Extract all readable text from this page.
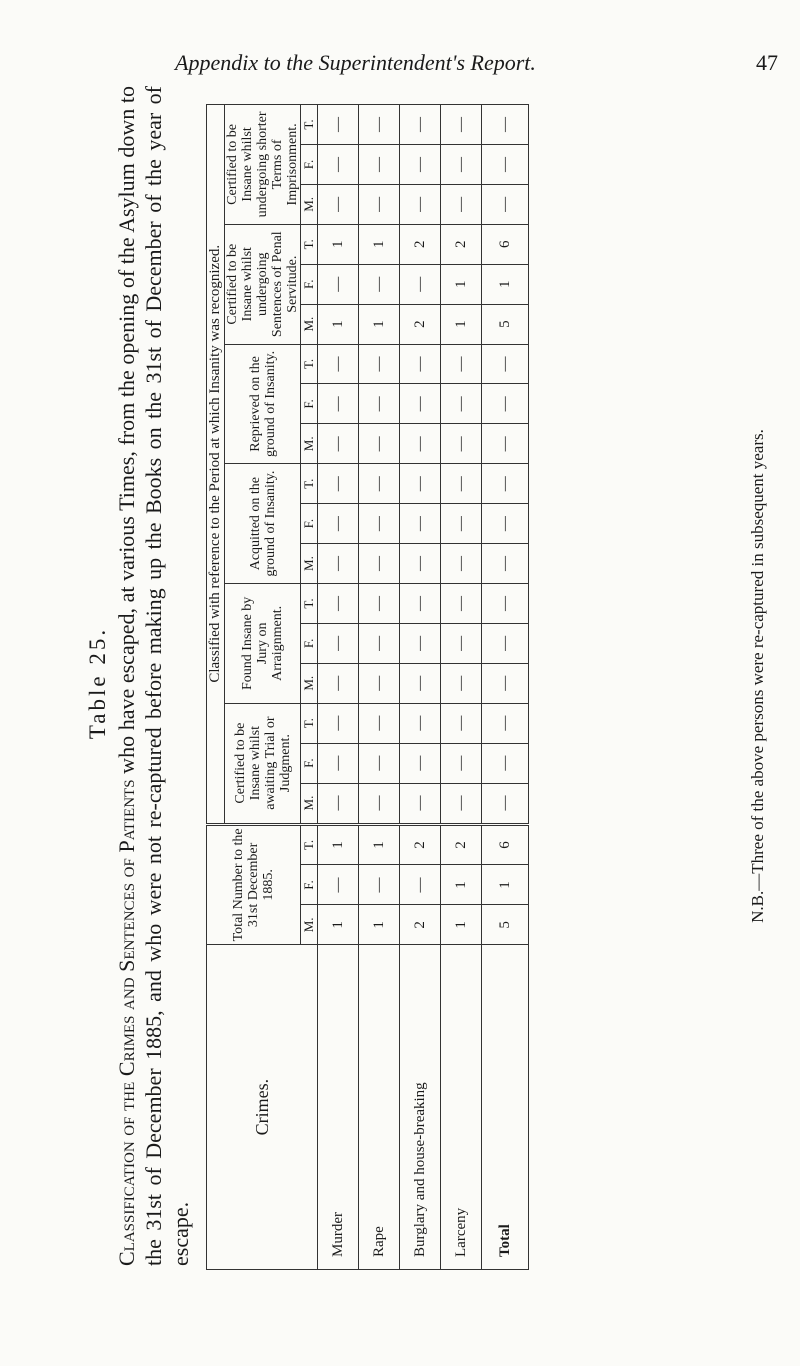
Appendix to the Superintendent's Report.	47
Table 25.
Classification of the Crimes and Sentences of Patients who have escaped, at various Times, from the opening of the Asylum down to the 31st of December 1885, and who were not re-captured before making up the Books on the 31st of December of the year of escape.
Crimes.	Total Number to the 31st December 1885.			Classified with reference to the Period at which Insanity was recognized.																	
				Certified to be Insane whilst awaiting Trial or Judgment.			Found Insane by Jury on Arraignment.			Acquitted on the ground of Insanity.			Reprieved on the ground of Insanity.			Certified to be Insane whilst undergoing Sentences of Penal Servitude.			Certified to be Insane whilst undergoing shorter Terms of Imprisonment.		
	M.	F.	T.	M.	F.	T.	M.	F.	T.	M.	F.	T.	M.	F.	T.	M.	F.	T.	M.	F.	T.
Murder	1	—	1	—	—	—	—	—	—	—	—	—	—	—	—	1	—	1	—	—	—
Rape	1	—	1	—	—	—	—	—	—	—	—	—	—	—	—	1	—	1	—	—	—
Burglary and house-breaking	2	—	2	—	—	—	—	—	—	—	—	—	—	—	—	2	—	2	—	—	—
Larceny	1	1	2	—	—	—	—	—	—	—	—	—	—	—	—	1	1	2	—	—	—
Total	5	1	6	—	—	—	—	—	—	—	—	—	—	—	—	5	1	6	—	—	—
N.B.—Three of the above persons were re-captured in subsequent years.
